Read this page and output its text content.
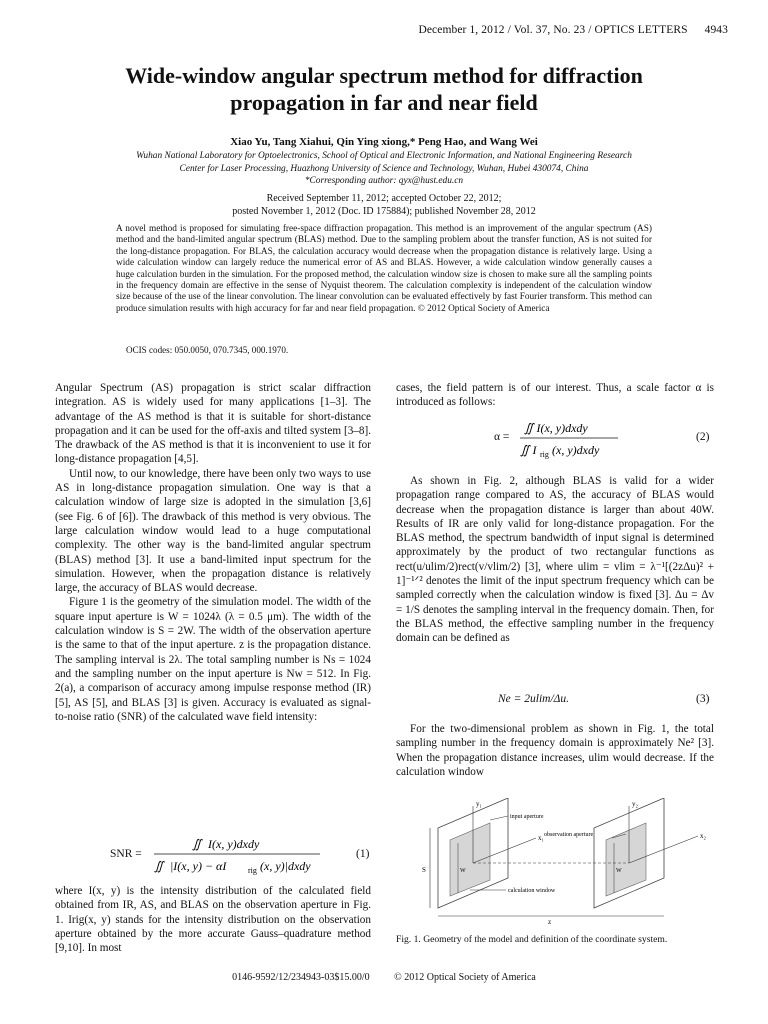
December 1, 2012 / Vol. 37, No. 23 / OPTICS LETTERS 4943
Wide-window angular spectrum method for diffraction
propagation in far and near field
Xiao Yu, Tang Xiahui, Qin Ying xiong,* Peng Hao, and Wang Wei
Wuhan National Laboratory for Optoelectronics, School of Optical and Electronic Information, and National Engineering Research
Center for Laser Processing, Huazhong University of Science and Technology, Wuhan, Hubei 430074, China
*Corresponding author: qyx@hust.edu.cn
Received September 11, 2012; accepted October 22, 2012;
posted November 1, 2012 (Doc. ID 175884); published November 28, 2012
A novel method is proposed for simulating free-space diffraction propagation. This method is an improvement of the angular spectrum (AS) method and the band-limited angular spectrum (BLAS) method. Due to the sampling problem about the transfer function, AS is not suited for the long-distance propagation. For BLAS, the calculation accuracy would decrease when the propagation distance is relatively large. Using a wide calculation window can largely reduce the numerical error of AS and BLAS. However, a wide calculation window generally causes a huge calculation burden in the simulation. For the proposed method, the calculation window size is chosen to make sure all the sampling points in the frequency domain are effective in the sense of Nyquist theorem. The calculation complexity is independent of the calculation window size because of the use of the linear convolution. The linear convolution can be evaluated effectively by fast Fourier transform. This method can produce simulation results with high accuracy for far and near field propagation. © 2012 Optical Society of America
OCIS codes: 050.0050, 070.7345, 000.1970.

Angular Spectrum (AS) propagation is strict scalar diffraction integration. AS is widely used for many applications [1–3]. The advantage of the AS method is that it is suitable for short-distance propagation and it can be used for the off-axis and tilted system [3–8]. The drawback of the AS method is that it is inconvenient to use it for long-distance propagation [4,5].

Until now, to our knowledge, there have been only two ways to use AS in long-distance propagation simulation. One way is that a calculation window of large size is adopted in the simulation [3,6] (see Fig. 6 of [6]). The drawback of this method is very obvious. The large calculation window would lead to a huge computational complexity. The other way is the band-limited angular spectrum (BLAS) method [3]. It use a band-limited input spectrum for the simulation. However, when the propagation distance is relatively large, the accuracy of BLAS would decrease.

Figure 1 is the geometry of the simulation model. The width of the square input aperture is W = 1024λ (λ = 0.5 μm). The width of the calculation window is S = 2W. The width of the observation aperture is the same to that of the input aperture. z is the propagation distance. The sampling interval is 2λ. The total sampling number is Ns = 1024 and the sampling number on the input aperture is Nw = 512. In Fig. 2(a), a comparison of accuracy among impulse response method (IR) [5], AS [5], and BLAS [3] is given. Accuracy is evaluated as signal-to-noise ratio (SNR) of the calculated wave field intensity:

SNR =
∬ I(x, y)dxdy
∬ |I(x, y) − αI	rig (x, y)|dxdy
(1)

where I(x, y) is the intensity distribution of the calculated field obtained from IR, AS, and BLAS on the observation aperture in Fig. 1. Irig(x, y) stands for the intensity distribution on the observation aperture obtained by the more accurate Gauss–quadrature method [9,10]. In most

cases, the field pattern is of our interest. Thus, a scale factor α is introduced as follows:

α =
∬ I(x, y)dxdy
∬ I rig (x, y)dxdy
(2)

As shown in Fig. 2, although BLAS is valid for a wider propagation range compared to AS, the accuracy of BLAS would decrease when the propagation distance is larger than about 40W. Results of IR are only valid for long-distance propagation. For the BLAS method, the spectrum bandwidth of input signal is determined approximately by the product of two rectangular functions as rect(u/ulim/2)rect(v/vlim/2) [3], where ulim = vlim = λ⁻¹[(2zΔu)² + 1]⁻¹ᐟ² denotes the limit of the input spectrum frequency which can be sampled correctly when the calculation window is fixed [3]. Δu = Δv = 1/S denotes the sampling interval in the frequency domain. Then, for the BLAS method, the effective sampling number in the frequency domain can be defined as

Ne = 2ulim/Δu.	(3)

For the two-dimensional problem as shown in Fig. 1, the total sampling number in the frequency domain is approximately Ne² [3]. When the propagation distance increases, ulim would decrease. If the calculation window

input aperture
observation aperture
calculation window
y₁
x₁
y₂
x₂
S	W	W
z
Fig. 1. Geometry of the model and definition of the coordinate system.
0146-9592/12/234943-03$15.00/0 © 2012 Optical Society of America
